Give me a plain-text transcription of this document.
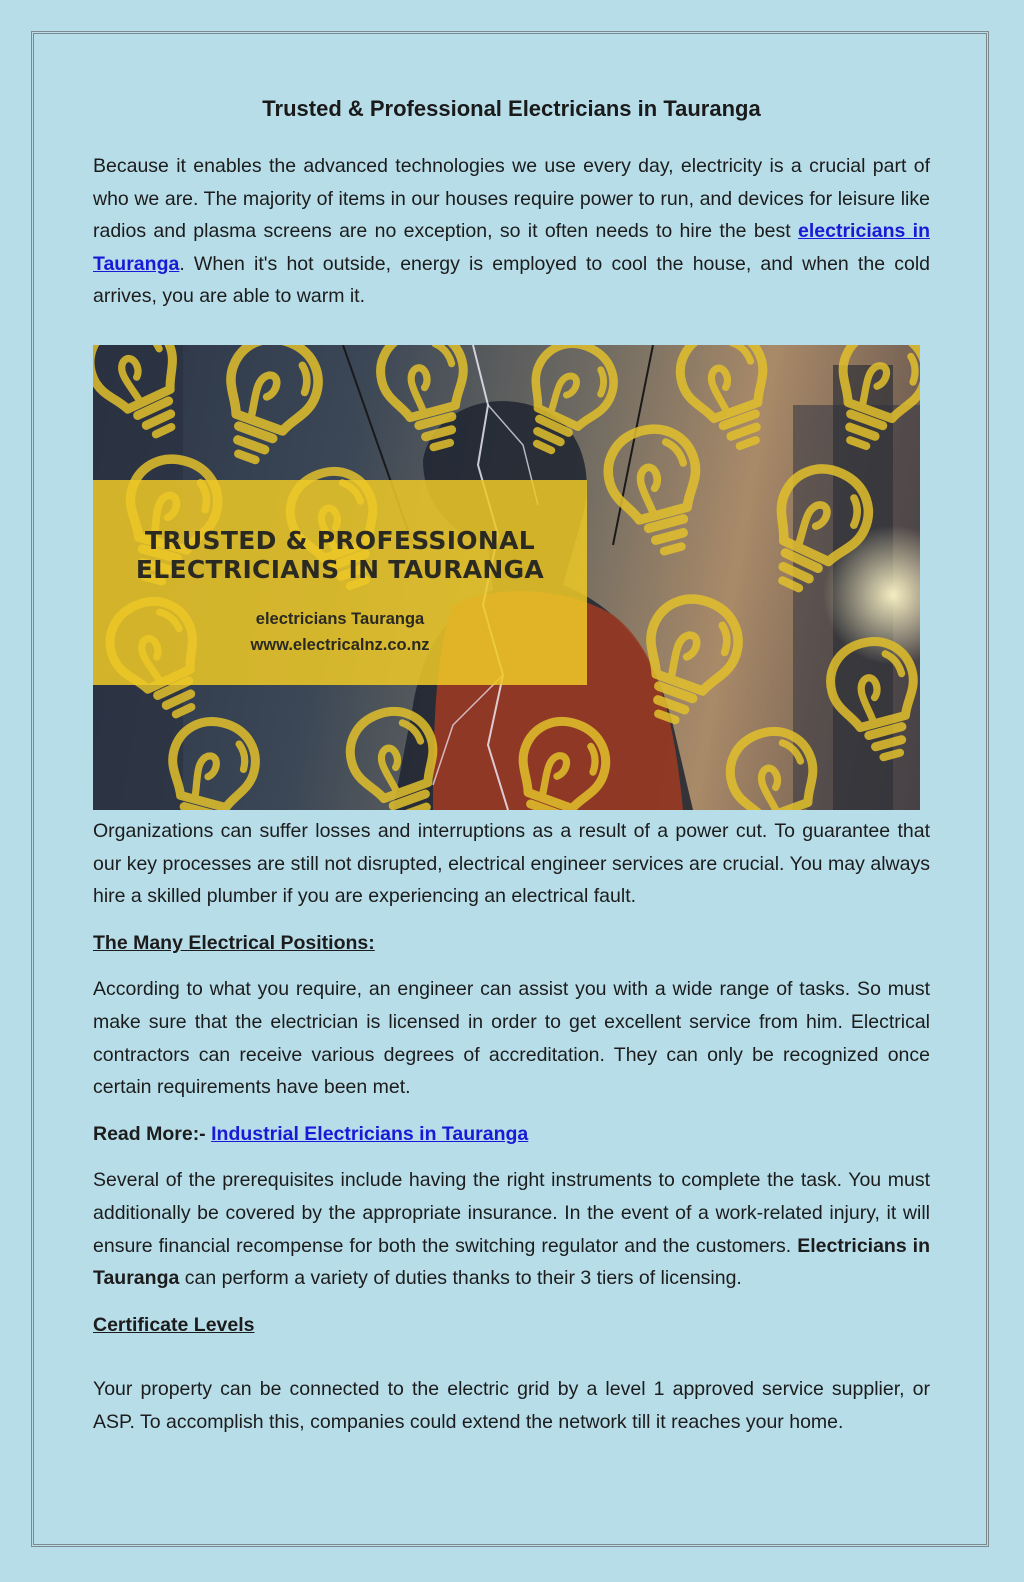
Trusted & Professional Electricians in Tauranga

Because it enables the advanced technologies we use every day, electricity is a crucial part of who we are. The majority of items in our houses require power to run, and devices for leisure like radios and plasma screens are no exception, so it often needs to hire the best electricians in Tauranga. When it's hot outside, energy is employed to cool the house, and when the cold arrives, you are able to warm it.

TRUSTED & PROFESSIONAL
ELECTRICIANS IN TAURANGA
electricians Tauranga
www.electricalnz.co.nz

Organizations can suffer losses and interruptions as a result of a power cut. To guarantee that our key processes are still not disrupted, electrical engineer services are crucial. You may always hire a skilled plumber if you are experiencing an electrical fault.

The Many Electrical Positions:

According to what you require, an engineer can assist you with a wide range of tasks. So must make sure that the electrician is licensed in order to get excellent service from him. Electrical contractors can receive various degrees of accreditation. They can only be recognized once certain requirements have been met.

Read More:- Industrial Electricians in Tauranga

Several of the prerequisites include having the right instruments to complete the task. You must additionally be covered by the appropriate insurance. In the event of a work-related injury, it will ensure financial recompense for both the switching regulator and the customers. Electricians in Tauranga can perform a variety of duties thanks to their 3 tiers of licensing.

Certificate Levels

Your property can be connected to the electric grid by a level 1 approved service supplier, or ASP. To accomplish this, companies could extend the network till it reaches your home.
